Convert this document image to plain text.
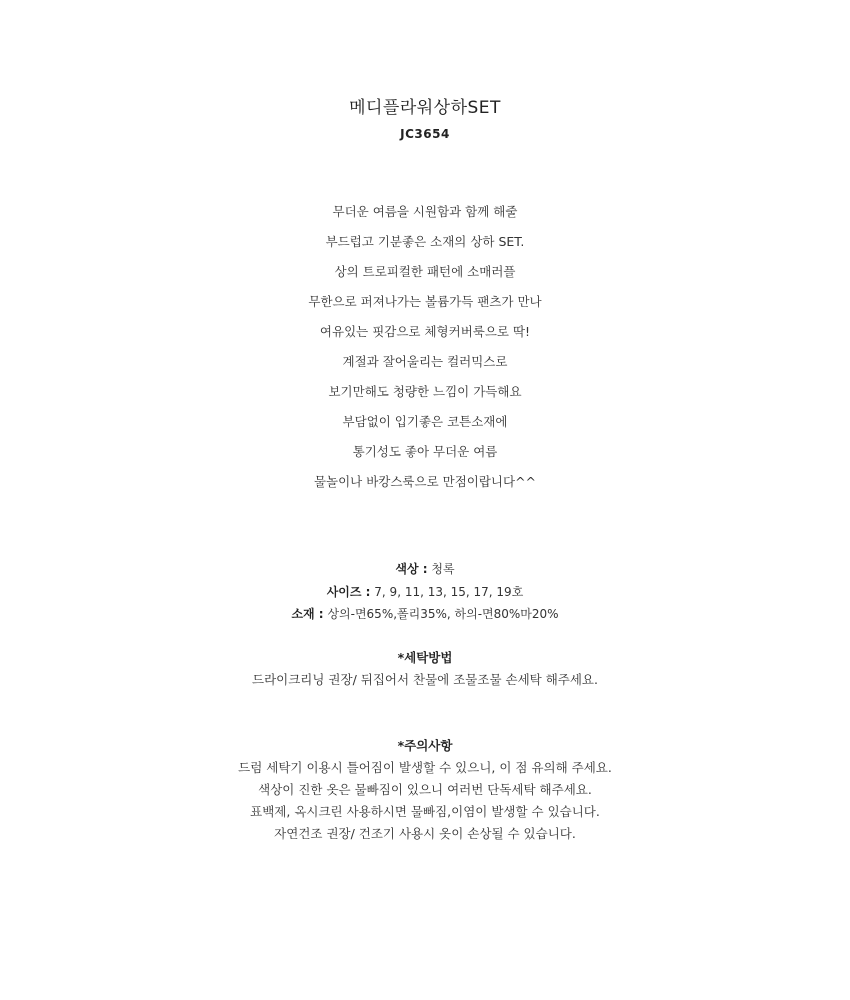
메디플라워상하SET
JC3654
무더운 여름을 시원함과 함께 해줄
부드럽고 기분좋은 소재의 상하 SET.
상의 트로피컬한 패턴에 소매러플
무한으로 퍼져나가는 볼륨가득 팬츠가 만나
여유있는 핏감으로 체형커버룩으로 딱!
계절과 잘어울리는 컬러믹스로
보기만해도 청량한 느낌이 가득해요
부담없이 입기좋은 코튼소재에
통기성도 좋아 무더운 여름
물놀이나 바캉스룩으로 만점이랍니다^^
색상 : 청록
사이즈 : 7, 9, 11, 13, 15, 17, 19호
소재 : 상의-면65%,폴리35%, 하의-면80%마20%
*세탁방법
드라이크리닝 권장/ 뒤집어서 찬물에 조물조물 손세탁 해주세요.
*주의사항
드럼 세탁기 이용시 틀어짐이 발생할 수 있으니, 이 점 유의해 주세요.
색상이 진한 옷은 물빠짐이 있으니 여러번 단독세탁 해주세요.
표백제, 옥시크린 사용하시면 물빠짐,이염이 발생할 수 있습니다.
자연건조 권장/ 건조기 사용시 옷이 손상될 수 있습니다.
